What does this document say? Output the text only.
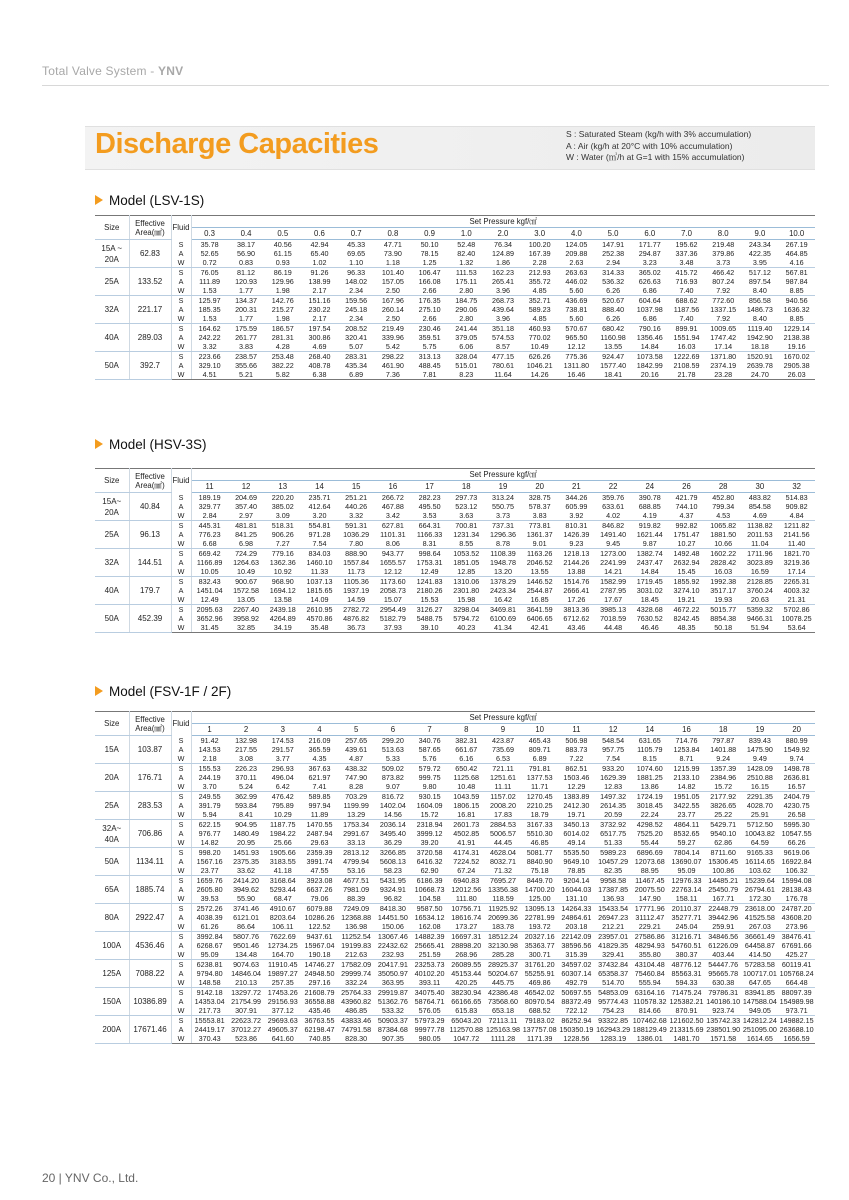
Total Valve System - YNV
Discharge Capacities	S : Saturated Steam (kg/h with 3% accumulation)
A : Air (kg/h at 20°C with 10% accumulation)
W : Water (㎥/h at G=1 with 15% accumulation)
Model (LSV-1S)
Size	Effective Area(㎟)	Fluid	Set Pressure kgf/㎠																
			0.3	0.4	0.5	0.6	0.7	0.8	0.9	1.0	2.0	3.0	4.0	5.0	6.0	7.0	8.0	9.0	10.0
15A ~ 20A	62.83	S	35.78	38.17	40.56	42.94	45.33	47.71	50.10	52.48	76.34	100.20	124.05	147.91	171.77	195.62	219.48	243.34	267.19
		A	52.65	56.90	61.15	65.40	69.65	73.90	78.15	82.40	124.89	167.39	209.88	252.38	294.87	337.36	379.86	422.35	464.85
		W	0.72	0.83	0.93	1.02	1.10	1.18	1.25	1.32	1.86	2.28	2.63	2.94	3.23	3.48	3.73	3.95	4.16
25A	133.52	S	76.05	81.12	86.19	91.26	96.33	101.40	106.47	111.53	162.23	212.93	263.63	314.33	365.02	415.72	466.42	517.12	567.81
		A	111.89	120.93	129.96	138.99	148.02	157.05	166.08	175.11	265.41	355.72	446.02	536.32	626.63	716.93	807.24	897.54	987.84
		W	1.53	1.77	1.98	2.17	2.34	2.50	2.66	2.80	3.96	4.85	5.60	6.26	6.86	7.40	7.92	8.40	8.85
32A	221.17	S	125.97	134.37	142.76	151.16	159.56	167.96	176.35	184.75	268.73	352.71	436.69	520.67	604.64	688.62	772.60	856.58	940.56
		A	185.35	200.31	215.27	230.22	245.18	260.14	275.10	290.06	439.64	589.23	738.81	888.40	1037.98	1187.56	1337.15	1486.73	1636.32
		W	1.53	1.77	1.98	2.17	2.34	2.50	2.66	2.80	3.96	4.85	5.60	6.26	6.86	7.40	7.92	8.40	8.85
40A	289.03	S	164.62	175.59	186.57	197.54	208.52	219.49	230.46	241.44	351.18	460.93	570.67	680.42	790.16	899.91	1009.65	1119.40	1229.14
		A	242.22	261.77	281.31	300.86	320.41	339.96	359.51	379.05	574.53	770.02	965.50	1160.98	1356.46	1551.94	1747.42	1942.90	2138.38
		W	3.32	3.83	4.28	4.69	5.07	5.42	5.75	6.06	8.57	10.49	12.12	13.55	14.84	16.03	17.14	18.18	19.16
50A	392.7	S	223.66	238.57	253.48	268.40	283.31	298.22	313.13	328.04	477.15	626.26	775.36	924.47	1073.58	1222.69	1371.80	1520.91	1670.02
		A	329.10	355.66	382.22	408.78	435.34	461.90	488.45	515.01	780.61	1046.21	1311.80	1577.40	1842.99	2108.59	2374.19	2639.78	2905.38
		W	4.51	5.21	5.82	6.38	6.89	7.36	7.81	8.23	11.64	14.26	16.46	18.41	20.16	21.78	23.28	24.70	26.03
Model (HSV-3S)
Size	Effective Area(㎟)	Fluid	Set Pressure kgf/㎠																
			11	12	13	14	15	16	17	18	19	20	21	22	24	26	28	30	32
15A~ 20A	40.84	S	189.19	204.69	220.20	235.71	251.21	266.72	282.23	297.73	313.24	328.75	344.26	359.76	390.78	421.79	452.80	483.82	514.83
		A	329.77	357.40	385.02	412.64	440.26	467.88	495.50	523.12	550.75	578.37	605.99	633.61	688.85	744.10	799.34	854.58	909.82
		W	2.84	2.97	3.09	3.20	3.32	3.42	3.53	3.63	3.73	3.83	3.92	4.02	4.19	4.37	4.53	4.69	4.84
25A	96.13	S	445.31	481.81	518.31	554.81	591.31	627.81	664.31	700.81	737.31	773.81	810.31	846.82	919.82	992.82	1065.82	1138.82	1211.82
		A	776.23	841.25	906.26	971.28	1036.29	1101.31	1166.33	1231.34	1296.36	1361.37	1426.39	1491.40	1621.44	1751.47	1881.50	2011.53	2141.56
		W	6.68	6.98	7.27	7.54	7.80	8.06	8.31	8.55	8.78	9.01	9.23	9.45	9.87	10.27	10.66	11.04	11.40
32A	144.51	S	669.42	724.29	779.16	834.03	888.90	943.77	998.64	1053.52	1108.39	1163.26	1218.13	1273.00	1382.74	1492.48	1602.22	1711.96	1821.70
		A	1166.89	1264.63	1362.36	1460.10	1557.84	1655.57	1753.31	1851.05	1948.78	2046.52	2144.26	2241.99	2437.47	2632.94	2828.42	3023.89	3219.36
		W	10.05	10.49	10.92	11.33	11.73	12.12	12.49	12.85	13.20	13.55	13.88	14.21	14.84	15.45	16.03	16.59	17.14
40A	179.7	S	832.43	900.67	968.90	1037.13	1105.36	1173.60	1241.83	1310.06	1378.29	1446.52	1514.76	1582.99	1719.45	1855.92	1992.38	2128.85	2265.31
		A	1451.04	1572.58	1694.12	1815.65	1937.19	2058.73	2180.26	2301.80	2423.34	2544.87	2666.41	2787.95	3031.02	3274.10	3517.17	3760.24	4003.32
		W	12.49	13.05	13.58	14.09	14.59	15.07	15.53	15.98	16.42	16.85	17.26	17.67	18.45	19.21	19.93	20.63	21.31
50A	452.39	S	2095.63	2267.40	2439.18	2610.95	2782.72	2954.49	3126.27	3298.04	3469.81	3641.59	3813.36	3985.13	4328.68	4672.22	5015.77	5359.32	5702.86
		A	3652.96	3958.92	4264.89	4570.86	4876.82	5182.79	5488.75	5794.72	6100.69	6406.65	6712.62	7018.59	7630.52	8242.45	8854.38	9466.31	10078.25
		W	31.45	32.85	34.19	35.48	36.73	37.93	39.10	40.23	41.34	42.41	43.46	44.48	46.46	48.35	50.18	51.94	53.64
Model (FSV-1F / 2F)
Size	Effective Area(㎟)	Fluid	Set Pressure kgf/㎠																
			1	2	3	4	5	6	7	8	9	10	11	12	14	16	18	19	20
15A	103.87	S	91.42	132.98	174.53	216.09	257.65	299.20	340.76	382.31	423.87	465.43	506.98	548.54	631.65	714.76	797.87	839.43	880.99
		A	143.53	217.55	291.57	365.59	439.61	513.63	587.65	661.67	735.69	809.71	883.73	957.75	1105.79	1253.84	1401.88	1475.90	1549.92
		W	2.18	3.08	3.77	4.35	4.87	5.33	5.76	6.16	6.53	6.89	7.22	7.54	8.15	8.71	9.24	9.49	9.74
20A	176.71	S	155.53	226.23	296.93	367.63	438.32	509.02	579.72	650.42	721.11	791.81	862.51	933.20	1074.60	1215.99	1357.39	1428.09	1498.78
		A	244.19	370.11	496.04	621.97	747.90	873.82	999.75	1125.68	1251.61	1377.53	1503.46	1629.39	1881.25	2133.10	2384.96	2510.88	2636.81
		W	3.70	5.24	6.42	7.41	8.28	9.07	9.80	10.48	11.11	11.71	12.29	12.83	13.86	14.82	15.72	16.15	16.57
25A	283.53	S	249.55	362.99	476.42	589.85	703.29	816.72	930.15	1043.59	1157.02	1270.45	1383.89	1497.32	1724.19	1951.05	2177.92	2291.35	2404.79
		A	391.79	593.84	795.89	997.94	1199.99	1402.04	1604.09	1806.15	2008.20	2210.25	2412.30	2614.35	3018.45	3422.55	3826.65	4028.70	4230.75
		W	5.94	8.41	10.29	11.89	13.29	14.56	15.72	16.81	17.83	18.79	19.71	20.59	22.24	23.77	25.22	25.91	26.58
32A~ 40A	706.86	S	622.15	904.95	1187.75	1470.55	1753.34	2036.14	2318.94	2601.73	2884.53	3167.33	3450.13	3732.92	4298.52	4864.11	5429.71	5712.50	5995.30
		A	976.77	1480.49	1984.22	2487.94	2991.67	3495.40	3999.12	4502.85	5006.57	5510.30	6014.02	6517.75	7525.20	8532.65	9540.10	10043.82	10547.55
		W	14.82	20.95	25.66	29.63	33.13	36.29	39.20	41.91	44.45	46.85	49.14	51.33	55.44	59.27	62.86	64.59	66.26
50A	1134.11	S	998.20	1451.93	1905.66	2359.39	2813.12	3266.85	3720.58	4174.31	4628.04	5081.77	5535.50	5989.23	6896.69	7804.14	8711.60	9165.33	9619.06
		A	1567.16	2375.35	3183.55	3991.74	4799.94	5608.13	6416.32	7224.52	8032.71	8840.90	9649.10	10457.29	12073.68	13690.07	15306.45	16114.65	16922.84
		W	23.77	33.62	41.18	47.55	53.16	58.23	62.90	67.24	71.32	75.18	78.85	82.35	88.95	95.09	100.86	103.62	106.32
65A	1885.74	S	1659.76	2414.20	3168.64	3923.08	4677.51	5431.95	6186.39	6940.83	7695.27	8449.70	9204.14	9958.58	11467.45	12976.33	14485.21	15239.64	15994.08
		A	2605.80	3949.62	5293.44	6637.26	7981.09	9324.91	10668.73	12012.56	13356.38	14700.20	16044.03	17387.85	20075.50	22763.14	25450.79	26794.61	28138.43
		W	39.53	55.90	68.47	79.06	88.39	96.82	104.58	111.80	118.59	125.00	131.10	136.93	147.90	158.11	167.71	172.30	176.78
80A	2922.47	S	2572.26	3741.46	4910.67	6079.88	7249.09	8418.30	9587.50	10756.71	11925.92	13095.13	14264.33	15433.54	17771.96	20110.37	22448.79	23618.00	24787.20
		A	4038.39	6121.01	8203.64	10286.26	12368.88	14451.50	16534.12	18616.74	20699.36	22781.99	24864.61	26947.23	31112.47	35277.71	39442.96	41525.58	43608.20
		W	61.26	86.64	106.11	122.52	136.98	150.06	162.08	173.27	183.78	193.72	203.18	212.21	229.21	245.04	259.91	267.03	273.96
100A	4536.46	S	3992.84	5807.76	7622.69	9437.61	11252.54	13067.46	14882.39	16697.31	18512.24	20327.16	22142.09	23957.01	27586.86	31216.71	34846.56	36661.49	38476.41
		A	6268.67	9501.46	12734.25	15967.04	19199.83	22432.62	25665.41	28898.20	32130.98	35363.77	38596.56	41829.35	48294.93	54760.51	61226.09	64458.87	67691.66
		W	95.09	134.48	164.70	190.18	212.63	232.93	251.59	268.96	285.28	300.71	315.39	329.41	355.80	380.37	403.44	414.50	425.27
125A	7088.22	S	6238.81	9074.63	11910.45	14746.27	17582.09	20417.91	23253.73	26089.55	28925.37	31761.20	34597.02	37432.84	43104.48	48776.12	54447.76	57283.58	60119.41
		A	9794.80	14846.04	19897.27	24948.50	29999.74	35050.97	40102.20	45153.44	50204.67	55255.91	60307.14	65358.37	75460.84	85563.31	95665.78	100717.01	105768.24
		W	148.58	210.13	257.35	297.16	332.24	363.95	393.11	420.25	445.75	469.86	492.79	514.70	555.94	594.33	630.38	647.65	664.48
150A	10386.89	S	9142.18	13297.72	17453.26	21608.79	25764.33	29919.87	34075.40	38230.94	42386.48	46542.02	50697.55	54853.09	63164.16	71475.24	79786.31	83941.85	88097.39
		A	14353.04	21754.99	29156.93	36558.88	43960.82	51362.76	58764.71	66166.65	73568.60	80970.54	88372.49	95774.43	110578.32	125382.21	140186.10	147588.04	154989.98
		W	217.73	307.91	377.12	435.46	486.85	533.32	576.05	615.83	653.18	688.52	722.12	754.23	814.66	870.91	923.74	949.05	973.71
200A	17671.46	S	15553.81	22623.72	29693.63	36763.55	43833.46	50903.37	57973.29	65043.20	72113.11	79183.02	86252.94	93322.85	107462.68	121602.50	135742.33	142812.24	149882.15
		A	24419.17	37012.27	49605.37	62198.47	74791.58	87384.68	99977.78	112570.88	125163.98	137757.08	150350.19	162943.29	188129.49	213315.69	238501.90	251095.00	263688.10
		W	370.43	523.86	641.60	740.85	828.30	907.35	980.05	1047.72	1111.28	1171.39	1228.56	1283.19	1386.01	1481.70	1571.58	1614.65	1656.59
20 | YNV Co., Ltd.
